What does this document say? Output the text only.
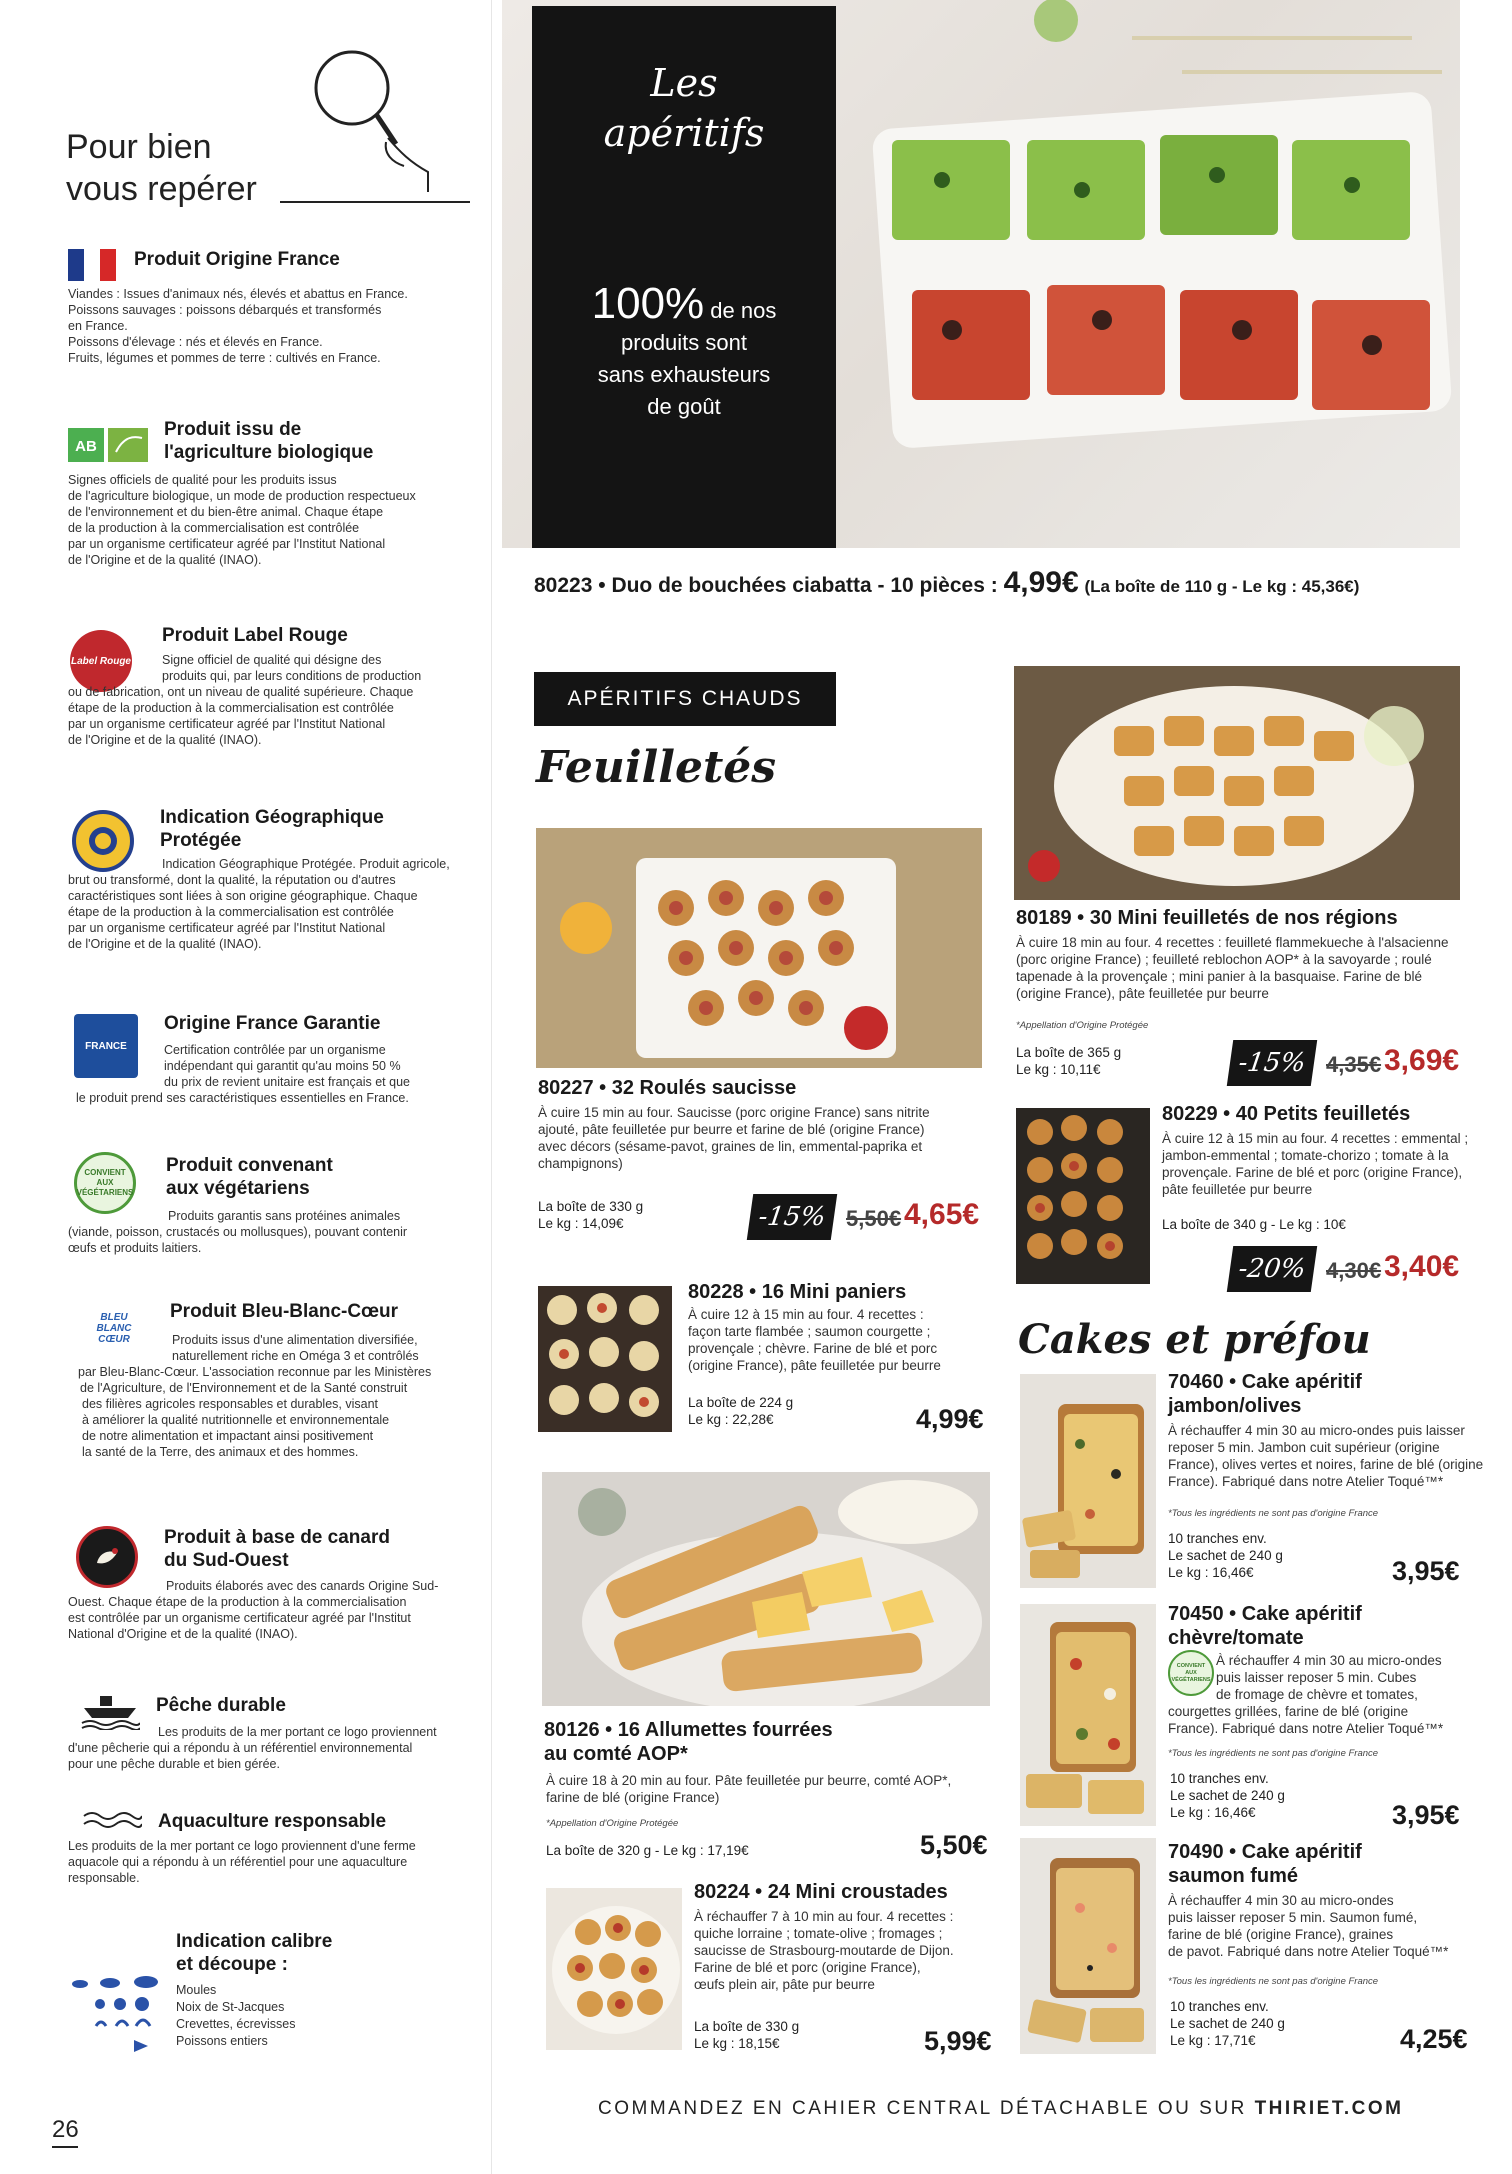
Pour bien
vous repérer
Produit Origine France
Viandes : Issues d'animaux nés, élevés et abattus en France.
Poissons sauvages : poissons débarqués et transformés
en France.
Poissons d'élevage : nés et élevés en France.
Fruits, légumes et pommes de terre : cultivés en France.
AB
Produit issu de
l'agriculture biologique
Signes officiels de qualité pour les produits issus
de l'agriculture biologique, un mode de production respectueux
de l'environnement et du bien-être animal. Chaque étape
de la production à la commercialisation est contrôlée
par un organisme certificateur agréé par l'Institut National
de l'Origine et de la qualité (INAO).
Label Rouge
Produit Label Rouge
Signe officiel de qualité qui désigne des
produits qui, par leurs conditions de production
ou de fabrication, ont un niveau de qualité supérieure. Chaque
étape de la production à la commercialisation est contrôlée
par un organisme certificateur agréé par l'Institut National
de l'Origine et de la qualité (INAO).
Indication Géographique
Protégée
Indication Géographique Protégée. Produit agricole,
brut ou transformé, dont la qualité, la réputation ou d'autres
caractéristiques sont liées à son origine géographique. Chaque
étape de la production à la commercialisation est contrôlée
par un organisme certificateur agréé par l'Institut National
de l'Origine et de la qualité (INAO).
FRANCE
Origine France Garantie
Certification contrôlée par un organisme
indépendant qui garantit qu'au moins 50 %
du prix de revient unitaire est français et que
le produit prend ses caractéristiques essentielles en France.
CONVIENT
AUX
VÉGÉTARIENS
Produit convenant
aux végétariens
Produits garantis sans protéines animales
(viande, poisson, crustacés ou mollusques), pouvant contenir
œufs et produits laitiers.
BLEU
BLANC
CŒUR
Produit Bleu-Blanc-Cœur
Produits issus d'une alimentation diversifiée,
naturellement riche en Oméga 3 et contrôlés
par Bleu-Blanc-Cœur. L'association reconnue par les Ministères
de l'Agriculture, de l'Environnement et de la Santé construit
des filières agricoles responsables et durables, visant
à améliorer la qualité nutritionnelle et environnementale
de notre alimentation et impactant ainsi positivement
la santé de la Terre, des animaux et des hommes.
Produit à base de canard
du Sud-Ouest
Produits élaborés avec des canards Origine Sud-
Ouest. Chaque étape de la production à la commercialisation
est contrôlée par un organisme certificateur agréé par l'Institut
National d'Origine et de la qualité (INAO).
Pêche durable
Les produits de la mer portant ce logo proviennent
d'une pêcherie qui a répondu à un référentiel environnemental
pour une pêche durable et bien gérée.
Aquaculture responsable
Les produits de la mer portant ce logo proviennent d'une ferme
aquacole qui a répondu à un référentiel pour une aquaculture
responsable.
Indication calibre
et découpe :
Moules
Noix de St-Jacques
Crevettes, écrevisses
Poissons entiers
26
Les
apéritifs
100% de nos
produits sont
sans exhausteurs
de goût
80223 • Duo de bouchées ciabatta - 10 pièces : 4,99€ (La boîte de 110 g - Le kg : 45,36€)
APÉRITIFS CHAUDS
Feuilletés
80227 • 32 Roulés saucisse
À cuire 15 min au four. Saucisse (porc origine France) sans nitrite
ajouté, pâte feuilletée pur beurre et farine de blé (origine France)
avec décors (sésame-pavot, graines de lin, emmental-paprika et
champignons)
La boîte de 330 g
Le kg : 14,09€	-15% 5,50€ 4,65€
80189 • 30 Mini feuilletés de nos régions
À cuire 18 min au four. 4 recettes : feuilleté flammekueche à l'alsacienne
(porc origine France) ; feuilleté reblochon AOP* à la savoyarde ; roulé
tapenade à la provençale ; mini panier à la basquaise. Farine de blé
(origine France), pâte feuilletée pur beurre
*Appellation d'Origine Protégée
La boîte de 365 g
Le kg : 10,11€	-15% 4,35€ 3,69€
80229 • 40 Petits feuilletés
À cuire 12 à 15 min au four. 4 recettes : emmental ;
jambon-emmental ; tomate-chorizo ; tomate à la
provençale. Farine de blé et porc (origine France),
pâte feuilletée pur beurre
La boîte de 340 g - Le kg : 10€
-20% 4,30€ 3,40€
80228 • 16 Mini paniers
À cuire 12 à 15 min au four. 4 recettes :
façon tarte flambée ; saumon courgette ;
provençale ; chèvre. Farine de blé et porc
(origine France), pâte feuilletée pur beurre
La boîte de 224 g
Le kg : 22,28€	4,99€
80126 • 16 Allumettes fourrées
au comté AOP*
À cuire 18 à 20 min au four. Pâte feuilletée pur beurre, comté AOP*,
farine de blé (origine France)
*Appellation d'Origine Protégée
La boîte de 320 g - Le kg : 17,19€	5,50€
80224 • 24 Mini croustades
À réchauffer 7 à 10 min au four. 4 recettes :
quiche lorraine ; tomate-olive ; fromages ;
saucisse de Strasbourg-moutarde de Dijon.
Farine de blé et porc (origine France),
œufs plein air, pâte pur beurre
La boîte de 330 g
Le kg : 18,15€	5,99€
Cakes et préfou
70460 • Cake apéritif
jambon/olives
À réchauffer 4 min 30 au micro-ondes puis laisser
reposer 5 min. Jambon cuit supérieur (origine
France), olives vertes et noires, farine de blé (origine
France). Fabriqué dans notre Atelier Toqué™*
*Tous les ingrédients ne sont pas d'origine France
10 tranches env.
Le sachet de 240 g
Le kg : 16,46€	3,95€
CONVIENT
AUX
VÉGÉTARIENS
70450 • Cake apéritif
chèvre/tomate
À réchauffer 4 min 30 au micro-ondes
puis laisser reposer 5 min. Cubes
de fromage de chèvre et tomates,
courgettes grillées, farine de blé (origine
France). Fabriqué dans notre Atelier Toqué™*
*Tous les ingrédients ne sont pas d'origine France
10 tranches env.
Le sachet de 240 g
Le kg : 16,46€	3,95€
70490 • Cake apéritif
saumon fumé
À réchauffer 4 min 30 au micro-ondes
puis laisser reposer 5 min. Saumon fumé,
farine de blé (origine France), graines
de pavot. Fabriqué dans notre Atelier Toqué™*
*Tous les ingrédients ne sont pas d'origine France
10 tranches env.
Le sachet de 240 g
Le kg : 17,71€	4,25€
COMMANDEZ EN CAHIER CENTRAL DÉTACHABLE OU SUR THIRIET.COM
